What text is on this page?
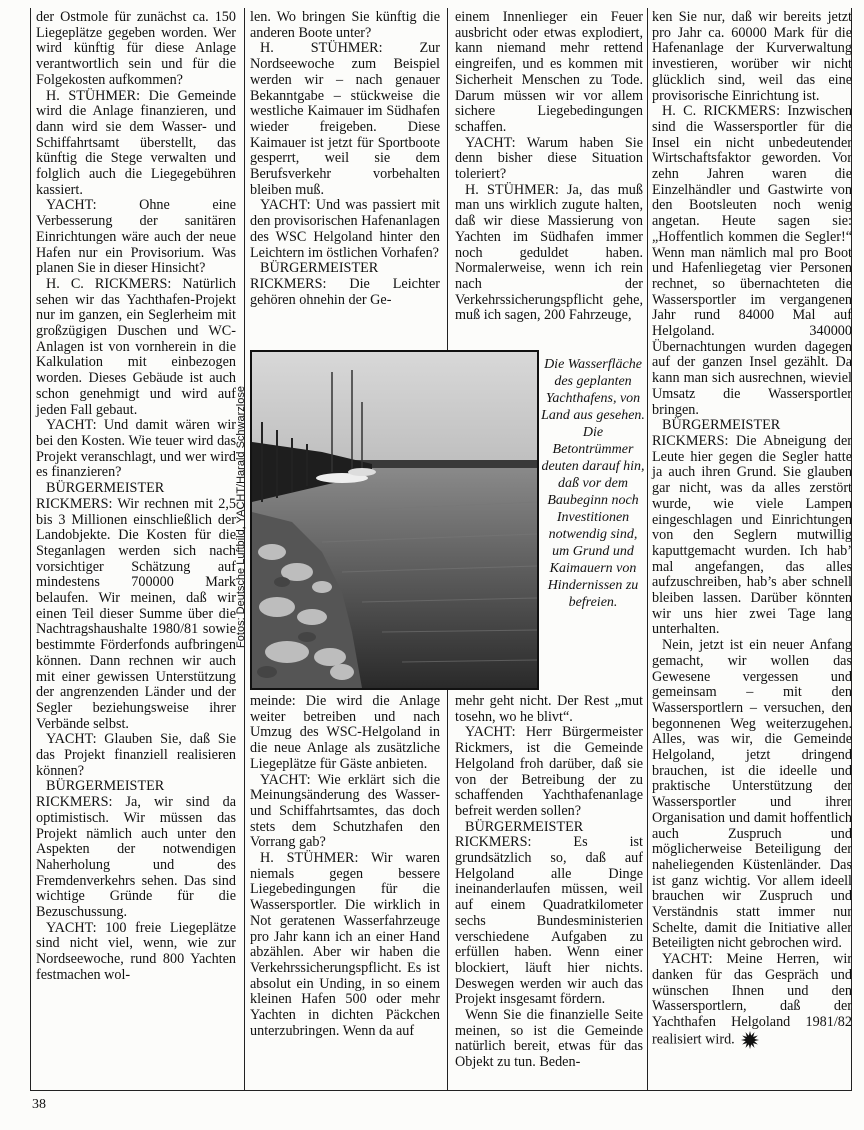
der Ostmole für zunächst ca. 150 Liegeplätze gegeben worden. Wer wird künftig für diese Anlage verantwortlich sein und für die Folgekosten aufkommen?

H. STÜHMER: Die Gemeinde wird die Anlage finanzieren, und dann wird sie dem Wasser- und Schiffahrtsamt überstellt, das künftig die Stege verwalten und folglich auch die Liegegebühren kassiert.

YACHT: Ohne eine Verbesserung der sanitären Einrichtungen wäre auch der neue Hafen nur ein Provisorium. Was planen Sie in dieser Hinsicht?

H. C. RICKMERS: Natürlich sehen wir das Yachthafen-Projekt nur im ganzen, ein Seglerheim mit großzügigen Duschen und WC-Anlagen ist von vornherein in die Kalkulation mit einbezogen worden. Dieses Gebäude ist auch schon genehmigt und wird auf jeden Fall gebaut.

YACHT: Und damit wären wir bei den Kosten. Wie teuer wird das Projekt veranschlagt, und wer wird es finanzieren?

BÜRGERMEISTER RICKMERS: Wir rechnen mit 2,5 bis 3 Millionen einschließlich der Landobjekte. Die Kosten für die Steganlagen werden sich nach vorsichtiger Schätzung auf mindestens 700000 Mark belaufen. Wir meinen, daß wir einen Teil dieser Summe über die Nachtragshaushalte 1980/81 sowie bestimmte Förderfonds aufbringen können. Dann rechnen wir auch mit einer gewissen Unterstützung der angrenzenden Länder und der Segler beziehungsweise ihrer Verbände selbst.

YACHT: Glauben Sie, daß Sie das Projekt finanziell realisieren können?

BÜRGERMEISTER RICKMERS: Ja, wir sind da optimistisch. Wir müssen das Projekt nämlich auch unter den Aspekten der notwendigen Naherholung und des Fremdenverkehrs sehen. Das sind wichtige Gründe für die Bezuschussung.

YACHT: 100 freie Liegeplätze sind nicht viel, wenn, wie zur Nordseewoche, rund 800 Yachten festmachen wol-

len. Wo bringen Sie künftig die anderen Boote unter?

H. STÜHMER: Zur Nordseewoche zum Beispiel werden wir – nach genauer Bekanntgabe – stückweise die westliche Kaimauer im Südhafen wieder freigeben. Diese Kaimauer ist jetzt für Sportboote gesperrt, weil sie dem Berufsverkehr vorbehalten bleiben muß.

YACHT: Und was passiert mit den provisorischen Hafenanlagen des WSC Helgoland hinter den Leichtern im östlichen Vorhafen?

BÜRGERMEISTER RICKMERS: Die Leichter gehören ohnehin der Ge-

einem Innenlieger ein Feuer ausbricht oder etwas explodiert, kann niemand mehr rettend eingreifen, und es kommen mit Sicherheit Menschen zu Tode. Darum müssen wir vor allem sichere Liegebedingungen schaffen.

YACHT: Warum haben Sie denn bisher diese Situation toleriert?

H. STÜHMER: Ja, das muß man uns wirklich zugute halten, daß wir diese Massierung von Yachten im Südhafen immer noch geduldet haben. Normalerweise, wenn ich rein nach der Verkehrssicherungspflicht gehe, muß ich sagen, 200 Fahrzeuge,

ken Sie nur, daß wir bereits jetzt pro Jahr ca. 60000 Mark für die Hafenanlage der Kurverwaltung investieren, worüber wir nicht glücklich sind, weil das eine provisorische Einrichtung ist.

H. C. RICKMERS: Inzwischen sind die Wassersportler für die Insel ein nicht unbedeutender Wirtschaftsfaktor geworden. Vor zehn Jahren waren die Einzelhändler und Gastwirte von den Bootsleuten noch wenig angetan. Heute sagen sie: „Hoffentlich kommen die Segler!“ Wenn man nämlich mal pro Boot und Hafenliegetag vier Personen rechnet, so übernachteten die Wassersportler im vergangenen Jahr rund 84000 Mal auf Helgoland. 340000 Übernachtungen wurden dagegen auf der ganzen Insel gezählt. Da kann man sich ausrechnen, wieviel Umsatz die Wassersportler bringen.

BÜRGERMEISTER RICKMERS: Die Abneigung der Leute hier gegen die Segler hatte ja auch ihren Grund. Sie glauben gar nicht, was da alles zerstört wurde, wie viele Lampen eingeschlagen und Einrichtungen von den Seglern mutwillig kaputtgemacht wurden. Ich hab’ mal angefangen, das alles aufzuschreiben, hab’s aber schnell bleiben lassen. Darüber könnten wir uns hier zwei Tage lang unterhalten.

Nein, jetzt ist ein neuer Anfang gemacht, wir wollen das Gewesene vergessen und gemeinsam – mit den Wassersportlern – versuchen, den begonnenen Weg weiterzugehen. Alles, was wir, die Gemeinde Helgoland, jetzt dringend brauchen, ist die ideelle und praktische Unterstützung der Wassersportler und ihrer Organisation und damit hoffentlich auch Zuspruch und möglicherweise Beteiligung der naheliegenden Küstenländer. Das ist ganz wichtig. Vor allem ideell brauchen wir Zuspruch und Verständnis statt immer nur Schelte, damit die Initiative aller Beteiligten nicht gebrochen wird.

YACHT: Meine Herren, wir danken für das Gespräch und wünschen Ihnen und den Wassersportlern, daß der Yachthafen Helgoland 1981/82 realisiert wird.

meinde: Die wird die Anlage weiter betreiben und nach Umzug des WSC-Helgoland in die neue Anlage als zusätzliche Liegeplätze für Gäste anbieten.

YACHT: Wie erklärt sich die Meinungsänderung des Wasser- und Schiffahrtsamtes, das doch stets dem Schutzhafen den Vorrang gab?

H. STÜHMER: Wir waren niemals gegen bessere Liegebedingungen für die Wassersportler. Die wirklich in Not geratenen Wasserfahrzeuge pro Jahr kann ich an einer Hand abzählen. Aber wir haben die Verkehrssicherungspflicht. Es ist absolut ein Unding, in so einem kleinen Hafen 500 oder mehr Yachten in dichten Päckchen unterzubringen. Wenn da auf

mehr geht nicht. Der Rest „mut tosehn, wo he blivt“.

YACHT: Herr Bürgermeister Rickmers, ist die Gemeinde Helgoland froh darüber, daß sie von der Betreibung der zu schaffenden Yachthafenanlage befreit werden sollen?

BÜRGERMEISTER RICKMERS: Es ist grundsätzlich so, daß auf Helgoland alle Dinge ineinanderlaufen müssen, weil auf einem Quadratkilometer sechs Bundesministerien verschiedene Aufgaben zu erfüllen haben. Wenn einer blockiert, läuft hier nichts. Deswegen werden wir auch das Projekt insgesamt fördern.

Wenn Sie die finanzielle Seite meinen, so ist die Gemeinde natürlich bereit, etwas für das Objekt zu tun. Beden-

Fotos: Deutsche Luftbild, YACHT/Harald Schwarzlose
Die Wasserfläche des geplanten Yachthafens, von Land aus gesehen. Die Betontrümmer deuten darauf hin, daß vor dem Baubeginn noch Investitionen notwendig sind, um Grund und Kaimauern von Hindernissen zu befreien.
38
